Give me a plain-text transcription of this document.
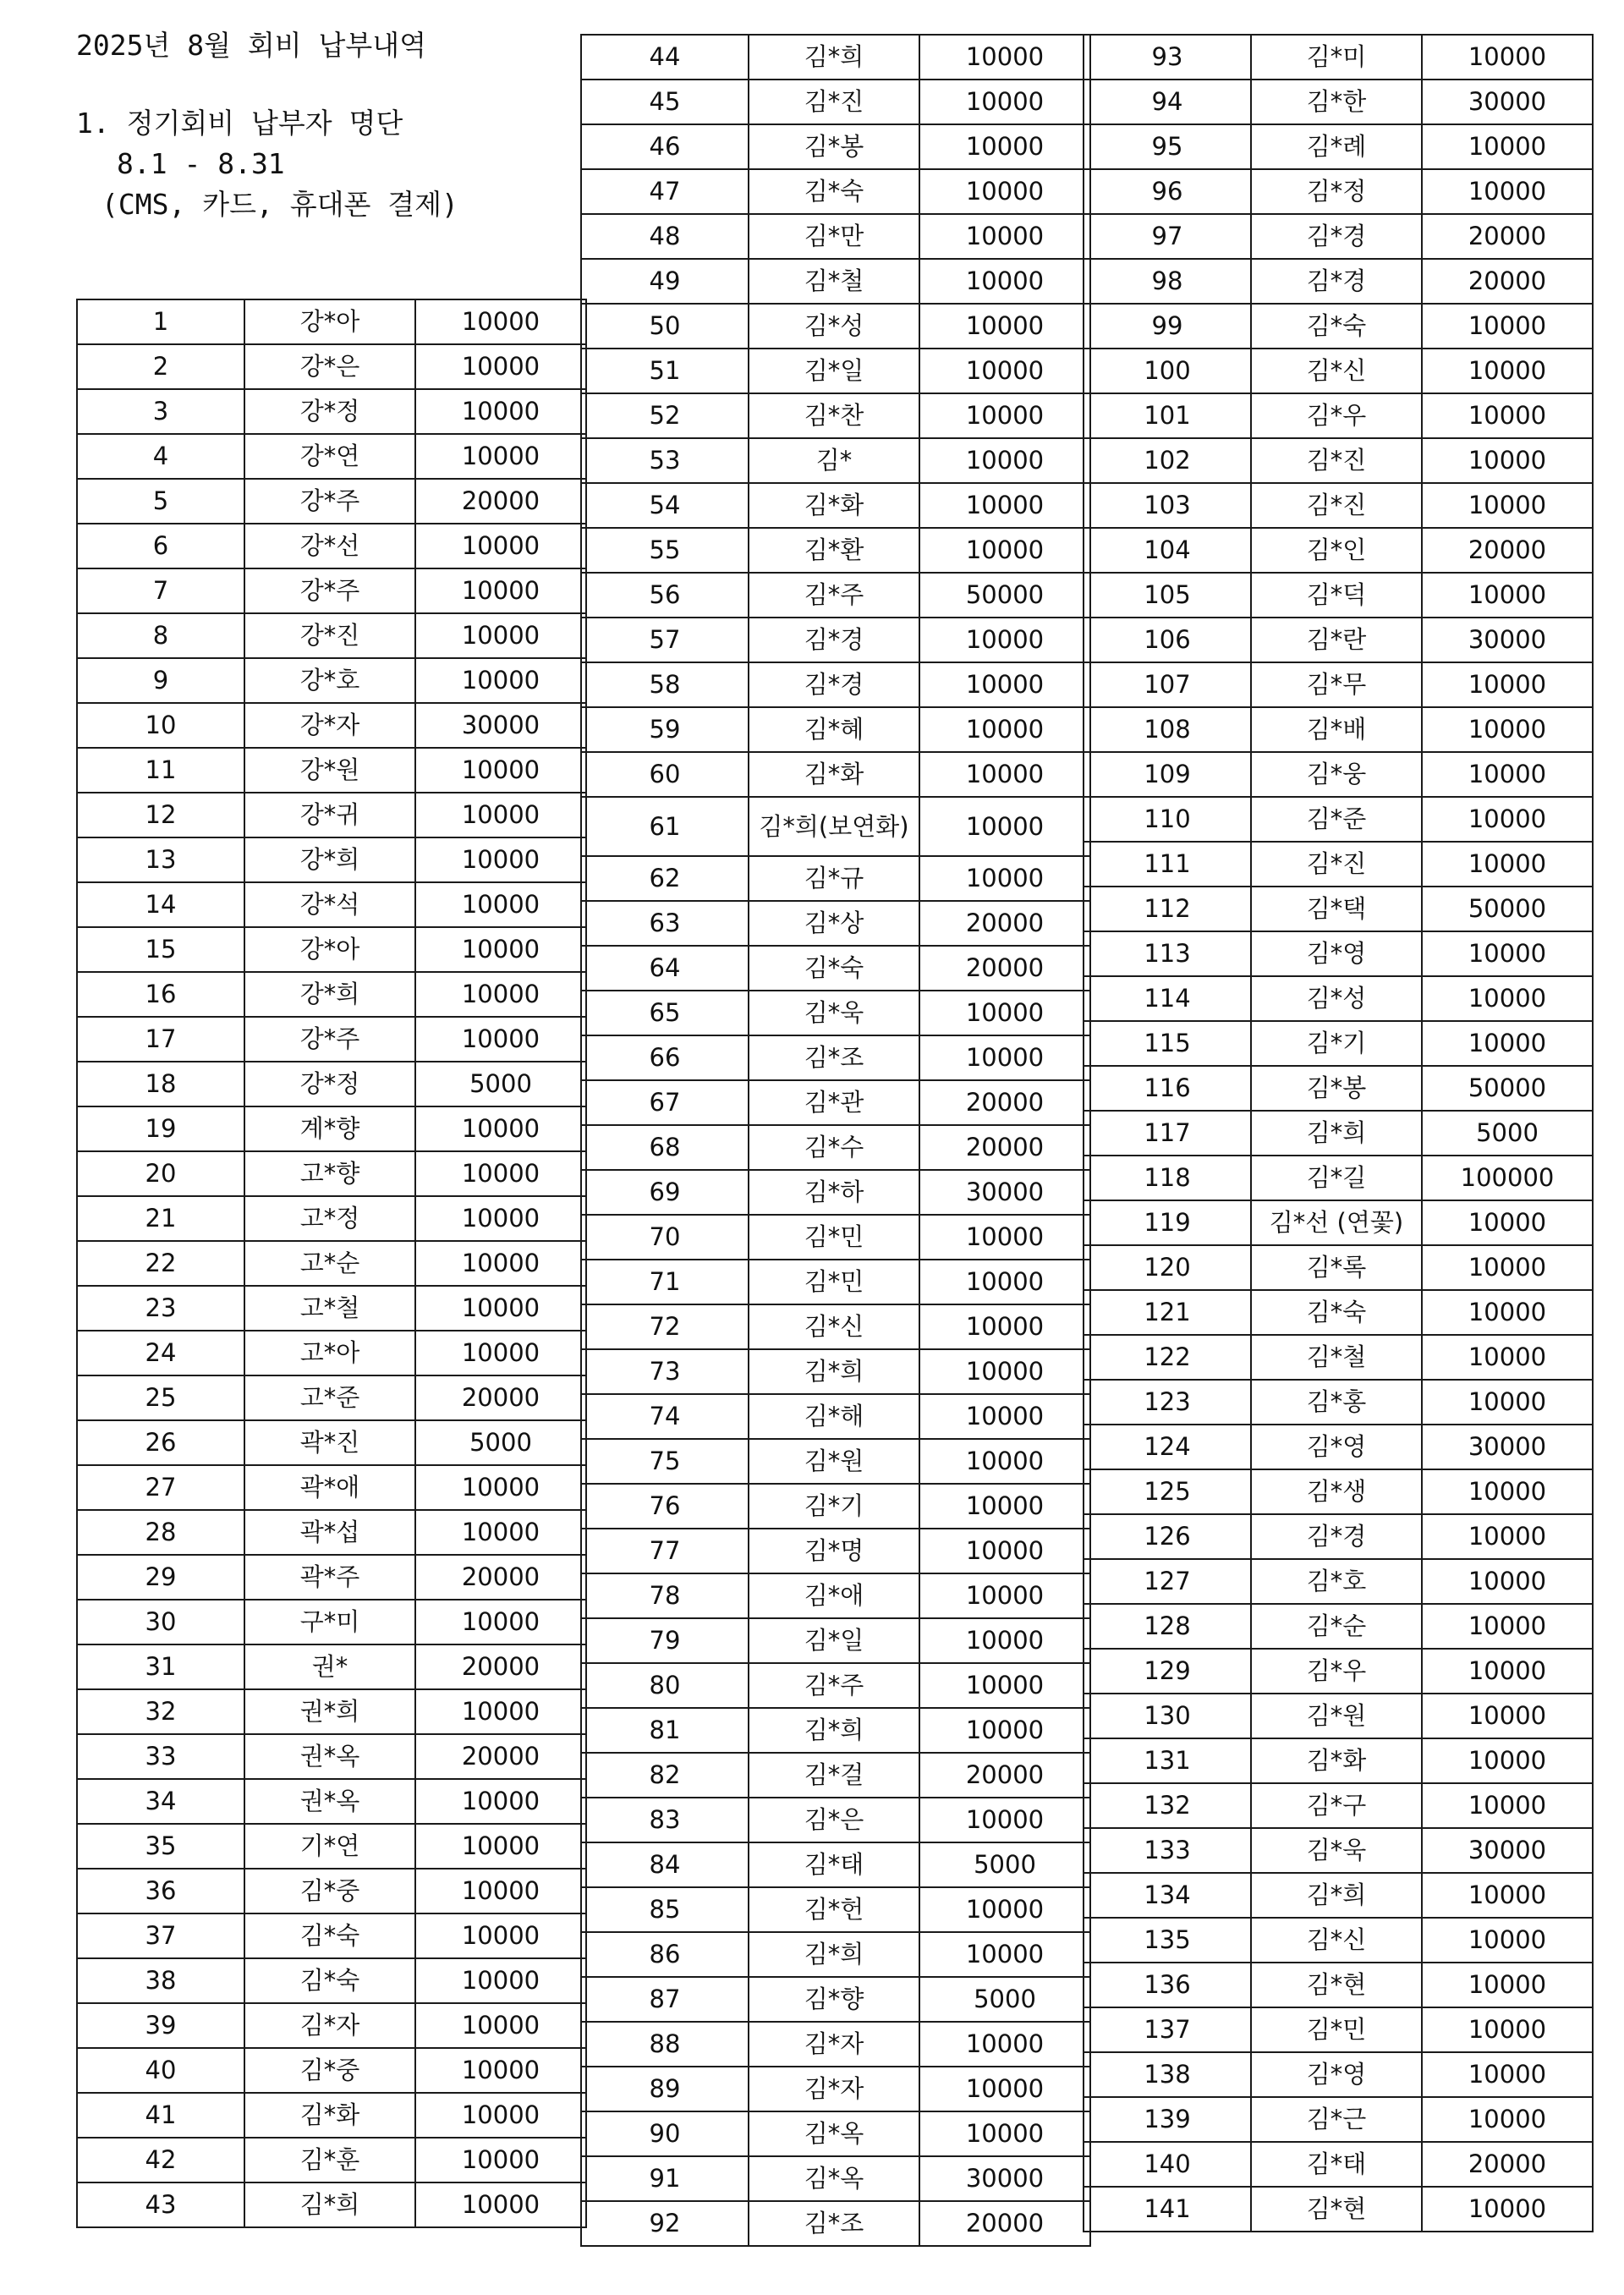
2025년 8월 회비 납부내역
1. 정기회비 납부자 명단
8.1 - 8.31
(CMS, 카드, 휴대폰 결제)
1	강*아	10000
2	강*은	10000
3	강*정	10000
4	강*연	10000
5	강*주	20000
6	강*선	10000
7	강*주	10000
8	강*진	10000
9	강*호	10000
10	강*자	30000
11	강*원	10000
12	강*귀	10000
13	강*희	10000
14	강*석	10000
15	강*아	10000
16	강*희	10000
17	강*주	10000
18	강*정	5000
19	계*향	10000
20	고*향	10000
21	고*정	10000
22	고*순	10000
23	고*철	10000
24	고*아	10000
25	고*준	20000
26	곽*진	5000
27	곽*애	10000
28	곽*섭	10000
29	곽*주	20000
30	구*미	10000
31	권*	20000
32	권*희	10000
33	권*옥	20000
34	권*옥	10000
35	기*연	10000
36	김*중	10000
37	김*숙	10000
38	김*숙	10000
39	김*자	10000
40	김*중	10000
41	김*화	10000
42	김*훈	10000
43	김*희	10000
44	김*희	10000
45	김*진	10000
46	김*봉	10000
47	김*숙	10000
48	김*만	10000
49	김*철	10000
50	김*성	10000
51	김*일	10000
52	김*찬	10000
53	김*	10000
54	김*화	10000
55	김*환	10000
56	김*주	50000
57	김*경	10000
58	김*경	10000
59	김*혜	10000
60	김*화	10000
61	김*희(보연화)	10000
62	김*규	10000
63	김*상	20000
64	김*숙	20000
65	김*욱	10000
66	김*조	10000
67	김*관	20000
68	김*수	20000
69	김*하	30000
70	김*민	10000
71	김*민	10000
72	김*신	10000
73	김*희	10000
74	김*해	10000
75	김*원	10000
76	김*기	10000
77	김*명	10000
78	김*애	10000
79	김*일	10000
80	김*주	10000
81	김*희	10000
82	김*걸	20000
83	김*은	10000
84	김*태	5000
85	김*헌	10000
86	김*희	10000
87	김*향	5000
88	김*자	10000
89	김*자	10000
90	김*옥	10000
91	김*옥	30000
92	김*조	20000
93	김*미	10000
94	김*한	30000
95	김*례	10000
96	김*정	10000
97	김*경	20000
98	김*경	20000
99	김*숙	10000
100	김*신	10000
101	김*우	10000
102	김*진	10000
103	김*진	10000
104	김*인	20000
105	김*덕	10000
106	김*란	30000
107	김*무	10000
108	김*배	10000
109	김*웅	10000
110	김*준	10000
111	김*진	10000
112	김*택	50000
113	김*영	10000
114	김*성	10000
115	김*기	10000
116	김*봉	50000
117	김*희	5000
118	김*길	100000
119	김*선 (연꽃)	10000
120	김*록	10000
121	김*숙	10000
122	김*철	10000
123	김*홍	10000
124	김*영	30000
125	김*생	10000
126	김*경	10000
127	김*호	10000
128	김*순	10000
129	김*우	10000
130	김*원	10000
131	김*화	10000
132	김*구	10000
133	김*욱	30000
134	김*희	10000
135	김*신	10000
136	김*현	10000
137	김*민	10000
138	김*영	10000
139	김*근	10000
140	김*태	20000
141	김*현	10000
